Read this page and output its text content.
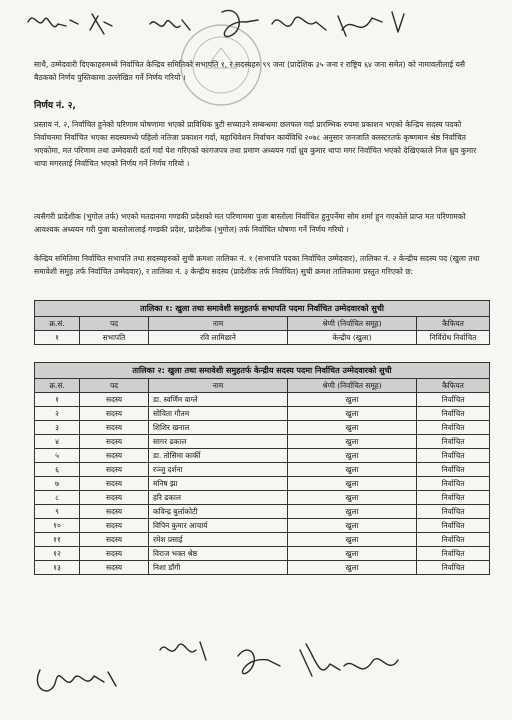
साथै, उम्मेदवारी दिएकाहरुमध्ये निर्वाचित केन्द्रिय समितिको सभापति १, र सदस्यहरु ९९ जना (प्रादेशिक ३५ जना र राष्ट्रिय ६४ जना समेत) को नामावलीलाई यसै बैठकको निर्णय पुस्तिकामा उल्लेखित गर्ने निर्णय गरियो ।
निर्णय नं. २,
प्रस्ताव नं. २, निर्वाचित हुनेको परिणाम घोषणामा भएको प्राविधिक त्रुटी सच्याउने सम्बन्धमा छलफल गर्दा प्रारम्भिक रुपमा प्रकाशन भएको केन्द्रिय सदस्य पदको निर्वाचनमा निर्वाचित भएका सदस्यमध्ये पहिलो नतिजा प्रकाशन गर्दा, महाधिवेशन निर्वाचन कार्यविधि २०७८ अनुसार जनजाति क्लस्टरतर्फ कृष्णमान श्रेष्ठ निर्वाचित भएकोमा, मत परिणाम तथा उम्मेदवारी दर्ता गर्दा पेश गरिएको कागजपत्र तथा प्रमाण अध्ययन गर्दा ध्रुव कुमार थापा मगर निर्वाचित भएको देखिएकाले निज ध्रुव कुमार थापा मगरलाई निर्वाचित भएको निर्णय गर्ने निर्णय गरियो ।
त्यसैगरी प्रादेशीक (भुगोल तर्फ) भएको मतदानमा गण्डकी प्रदेशको मत परिणाममा पुजा बास्तोला निर्वाचित हुनुपर्नेमा सोम शर्मा हुन गएकोले प्राप्त मत परिणामको आवश्यक अध्ययन गरी पुजा बास्तोलालाई गण्डकी प्रदेश, प्रादेशीक (भुगोल) तर्फ निर्वाचित घोषणा गर्ने निर्णय गरियो ।
केन्द्रिय समितिमा निर्वाचित सभापति तथा सदस्यहरुको सुची क्रमशः तालिका नं. १ (सभापति पदका निर्वाचित उम्मेदवार), तालिका नं. २ केन्द्रीय सदस्य पद (खुला तथा समावेशी समुह तर्फ निर्वाचित उम्मेदवार), र तालिका नं. ३ केन्द्रीय सदस्य (प्रादेशीक तर्फ निर्वाचित) सुची क्रमश तालिकामा प्रस्तुत गरिएको छ:
तालिका १: खुला तथा समावेशी समुहतर्फ सभापति पदमा निर्वाचित उम्मेदवारको सुची				
क्र.सं.	पद	नाम	श्रेणी (निर्वाचित समूह)	कैफियत
१	सभापति	रवि लामिछाने	केन्द्रीय (खुला)	निर्विरोध निर्वाचित
तालिका २: खुला तथा समावेशी समुहतर्फ केन्द्रीय सदस्य पदमा निर्वाचित उम्मेदवारको सुची				
क्र.सं.	पद	नाम	श्रेणी (निर्वाचित समूह)	कैफियत
१	सदस्य	डा. स्वर्णिम वाग्ले	खुला	निर्वाचित
२	सदस्य	सोविता गौतम	खुला	निर्वाचित
३	सदस्य	शिशिर खनाल	खुला	निर्वाचित
४	सदस्य	सागर ढकाल	खुला	निर्वाचित
५	सदस्य	डा. तोसिमा कार्की	खुला	निर्वाचित
६	सदस्य	रञ्जु दर्शना	खुला	निर्वाचित
७	सदस्य	मनिष झा	खुला	निर्वाचित
८	सदस्य	हरि ढकाल	खुला	निर्वाचित
९	सदस्य	कविन्द्र बुर्लाकोटी	खुला	निर्वाचित
१०	सदस्य	विपिन कुमार आचार्य	खुला	निर्वाचित
११	सदस्य	रमेश प्रसाई	खुला	निर्वाचित
१२	सदस्य	विराज भक्त श्रेष्ठ	खुला	निर्वाचित
१३	सदस्य	निशा डाँगी	खुला	निर्वाचित
